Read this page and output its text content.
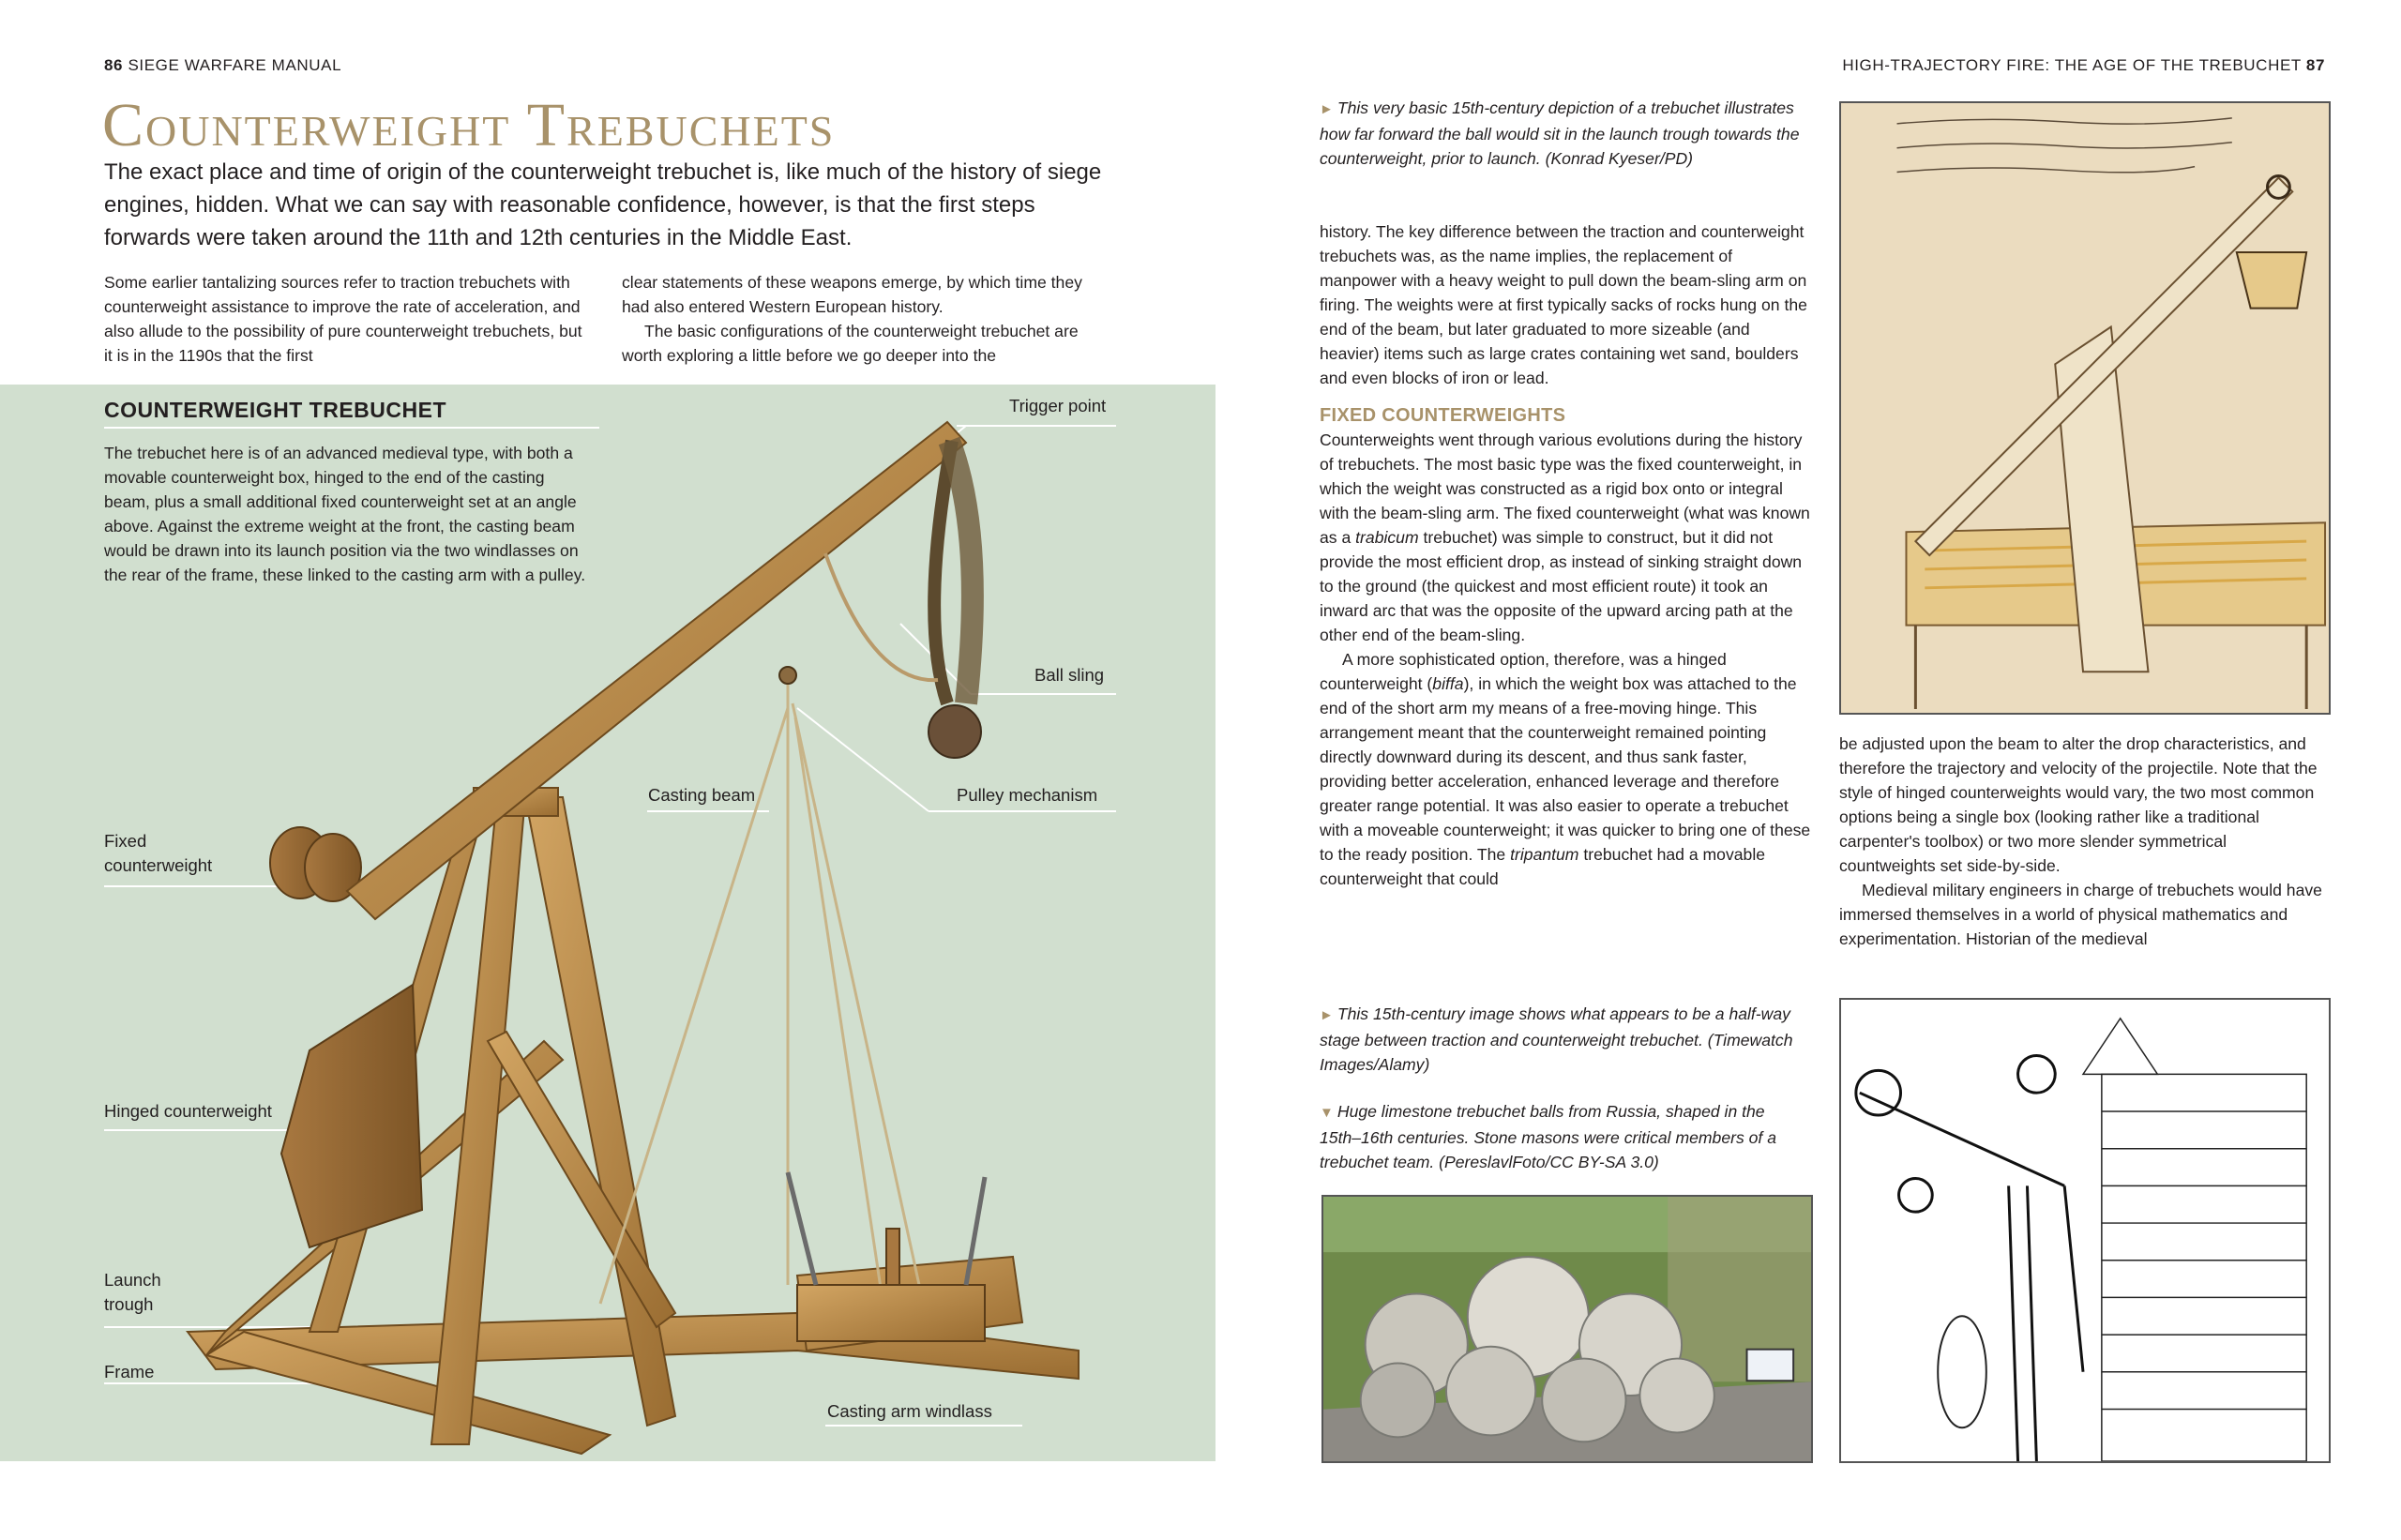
86 SIEGE WARFARE MANUAL	HIGH-TRAJECTORY FIRE: THE AGE OF THE TREBUCHET 87
Counterweight Trebuchets

The exact place and time of origin of the counterweight trebuchet is, like much of the history of siege engines, hidden. What we can say with reasonable confidence, however, is that the first steps forwards were taken around the 11th and 12th centuries in the Middle East.

Some earlier tantalizing sources refer to traction trebuchets with counterweight assistance to improve the rate of acceleration, and also allude to the possibility of pure counterweight trebuchets, but it is in the 1190s that the first

clear statements of these weapons emerge, by which time they had also entered Western European history.

The basic configurations of the counterweight trebuchet are worth exploring a little before we go deeper into the

COUNTERWEIGHT TREBUCHET

The trebuchet here is of an advanced medieval type, with both a movable counterweight box, hinged to the end of the casting beam, plus a small additional fixed counterweight set at an angle above. Against the extreme weight at the front, the casting beam would be drawn into its launch position via the two windlasses on the rear of the frame, these linked to the casting arm with a pulley.

Trigger point
Ball sling
Casting beam	Pulley mechanism
Fixed
counterweight
Hinged counterweight
Launch
trough
Frame
Casting arm windlass

► This very basic 15th-century depiction of a trebuchet illustrates how far forward the ball would sit in the launch trough towards the counterweight, prior to launch. (Konrad Kyeser/PD)

history. The key difference between the traction and counterweight trebuchets was, as the name implies, the replacement of manpower with a heavy weight to pull down the beam-sling arm on firing. The weights were at first typically sacks of rocks hung on the end of the beam, but later graduated to more sizeable (and heavier) items such as large crates containing wet sand, boulders and even blocks of iron or lead.

FIXED COUNTERWEIGHTS

Counterweights went through various evolutions during the history of trebuchets. The most basic type was the fixed counterweight, in which the weight was constructed as a rigid box onto or integral with the beam-sling arm. The fixed counterweight (what was known as a trabicum trebuchet) was simple to construct, but it did not provide the most efficient drop, as instead of sinking straight down to the ground (the quickest and most efficient route) it took an inward arc that was the opposite of the upward arcing path at the other end of the beam-sling.

A more sophisticated option, therefore, was a hinged counterweight (biffa), in which the weight box was attached to the end of the short arm my means of a free-moving hinge. This arrangement meant that the counterweight remained pointing directly downward during its descent, and thus sank faster, providing better acceleration, enhanced leverage and therefore greater range potential. It was also easier to operate a trebuchet with a moveable counterweight; it was quicker to bring one of these to the ready position. The tripantum trebuchet had a movable counterweight that could

be adjusted upon the beam to alter the drop characteristics, and therefore the trajectory and velocity of the projectile. Note that the style of hinged counterweights would vary, the two most common options being a single box (looking rather like a traditional carpenter's toolbox) or two more slender symmetrical countweights set side-by-side.

Medieval military engineers in charge of trebuchets would have immersed themselves in a world of physical mathematics and experimentation. Historian of the medieval

► This 15th-century image shows what appears to be a half-way stage between traction and counterweight trebuchet. (Timewatch Images/Alamy)

▼ Huge limestone trebuchet balls from Russia, shaped in the 15th–16th centuries. Stone masons were critical members of a trebuchet team. (PereslavlFoto/CC BY-SA 3.0)
